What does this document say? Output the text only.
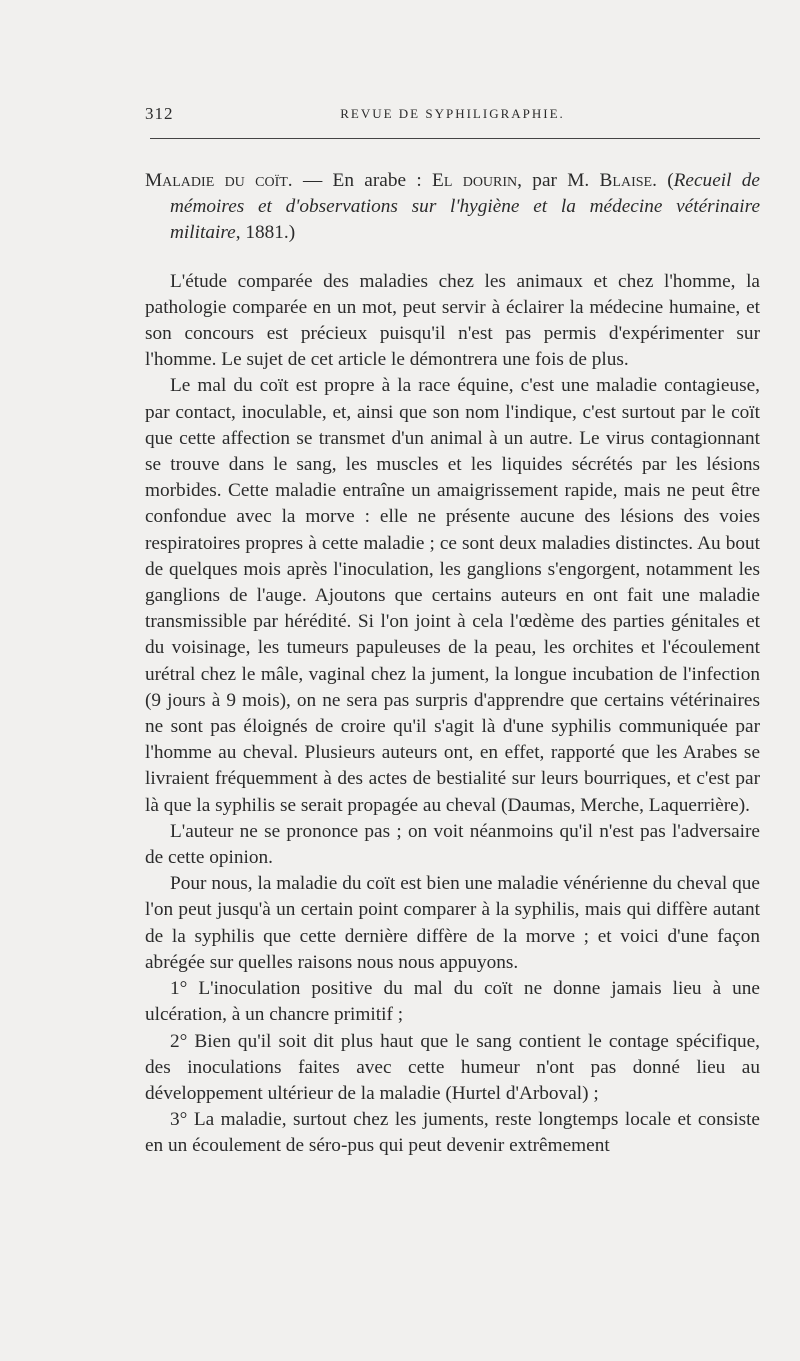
312	REVUE DE SYPHILIGRAPHIE.

Maladie du coït. — En arabe : El dourin, par M. Blaise. (Recueil de mémoires et d'observations sur l'hygiène et la médecine vétérinaire militaire, 1881.)

L'étude comparée des maladies chez les animaux et chez l'homme, la pathologie comparée en un mot, peut servir à éclairer la médecine humaine, et son concours est précieux puisqu'il n'est pas permis d'expérimenter sur l'homme. Le sujet de cet article le démontrera une fois de plus.

Le mal du coït est propre à la race équine, c'est une maladie contagieuse, par contact, inoculable, et, ainsi que son nom l'indique, c'est surtout par le coït que cette affection se transmet d'un animal à un autre. Le virus contagionnant se trouve dans le sang, les muscles et les liquides sécrétés par les lésions morbides. Cette maladie entraîne un amaigrissement rapide, mais ne peut être confondue avec la morve : elle ne présente aucune des lésions des voies respiratoires propres à cette maladie ; ce sont deux maladies distinctes. Au bout de quelques mois après l'inoculation, les ganglions s'engorgent, notamment les ganglions de l'auge. Ajoutons que certains auteurs en ont fait une maladie transmissible par hérédité. Si l'on joint à cela l'œdème des parties génitales et du voisinage, les tumeurs papuleuses de la peau, les orchites et l'écoulement urétral chez le mâle, vaginal chez la jument, la longue incubation de l'infection (9 jours à 9 mois), on ne sera pas surpris d'apprendre que certains vétérinaires ne sont pas éloignés de croire qu'il s'agit là d'une syphilis communiquée par l'homme au cheval. Plusieurs auteurs ont, en effet, rapporté que les Arabes se livraient fréquemment à des actes de bestialité sur leurs bourriques, et c'est par là que la syphilis se serait propagée au cheval (Daumas, Merche, Laquerrière).

L'auteur ne se prononce pas ; on voit néanmoins qu'il n'est pas l'adversaire de cette opinion.

Pour nous, la maladie du coït est bien une maladie vénérienne du cheval que l'on peut jusqu'à un certain point comparer à la syphilis, mais qui diffère autant de la syphilis que cette dernière diffère de la morve ; et voici d'une façon abrégée sur quelles raisons nous nous appuyons.

1° L'inoculation positive du mal du coït ne donne jamais lieu à une ulcération, à un chancre primitif ;

2° Bien qu'il soit dit plus haut que le sang contient le contage spécifique, des inoculations faites avec cette humeur n'ont pas donné lieu au développement ultérieur de la maladie (Hurtel d'Arboval) ;

3° La maladie, surtout chez les juments, reste longtemps locale et consiste en un écoulement de séro-pus qui peut devenir extrêmement
